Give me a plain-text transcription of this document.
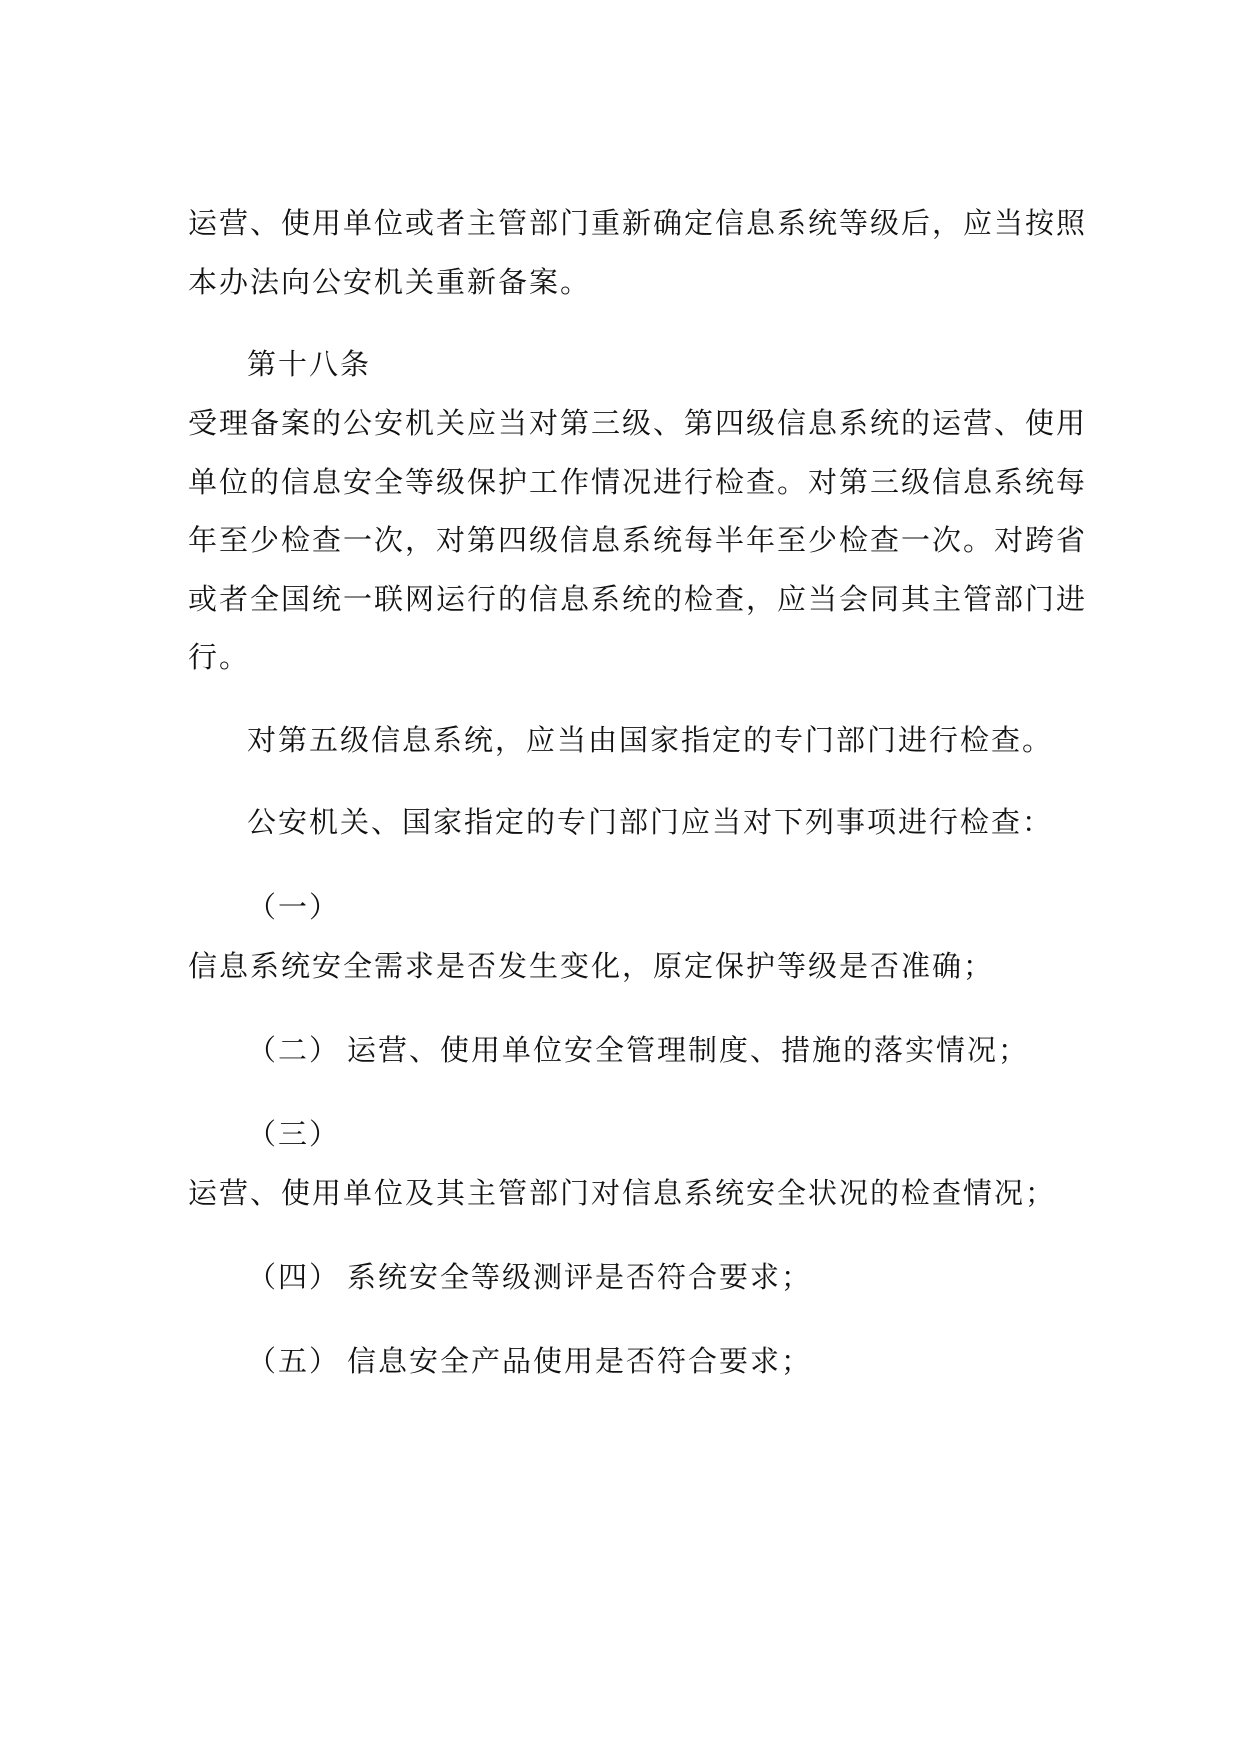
运营、使用单位或者主管部门重新确定信息系统等级后，应当按照
本办法向公安机关重新备案。
第十八条
受理备案的公安机关应当对第三级、第四级信息系统的运营、使用
单位的信息安全等级保护工作情况进行检查。对第三级信息系统每
年至少检查一次，对第四级信息系统每半年至少检查一次。对跨省
或者全国统一联网运行的信息系统的检查，应当会同其主管部门进
行。
对第五级信息系统，应当由国家指定的专门部门进行检查。
公安机关、国家指定的专门部门应当对下列事项进行检查：
（一）
信息系统安全需求是否发生变化，原定保护等级是否准确；
（二） 运营、使用单位安全管理制度、措施的落实情况；
（三）
运营、使用单位及其主管部门对信息系统安全状况的检查情况；
（四） 系统安全等级测评是否符合要求；
（五） 信息安全产品使用是否符合要求；
